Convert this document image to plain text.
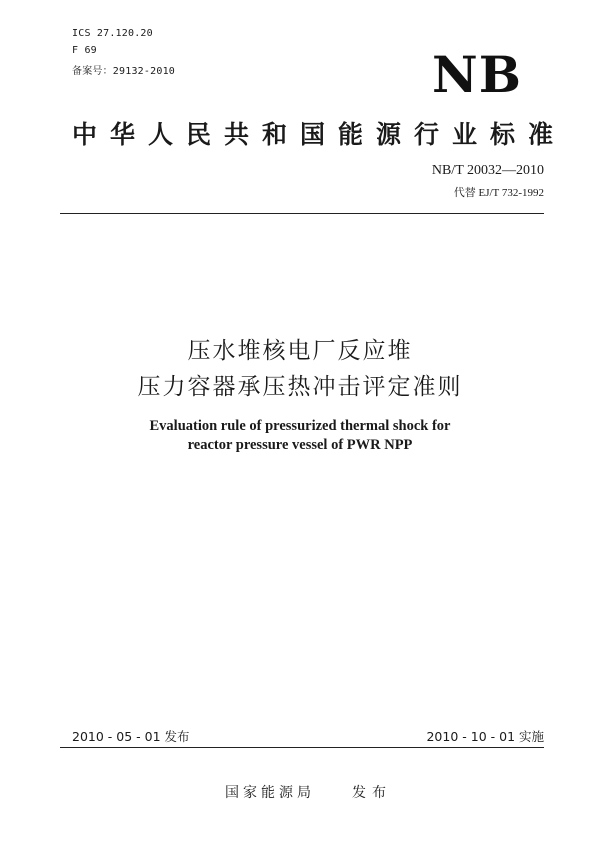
ICS 27.120.20
F 69
备案号：29132-2010	NB
中华人民共和国能源行业标准
NB/T 20032—2010
代替 EJ/T 732-1992
压水堆核电厂反应堆
压力容器承压热冲击评定准则
Evaluation rule of pressurized thermal shock for
reactor pressure vessel of PWR NPP
2010 - 05 - 01 发布	2010 - 10 - 01 实施
国家能源局	发布
